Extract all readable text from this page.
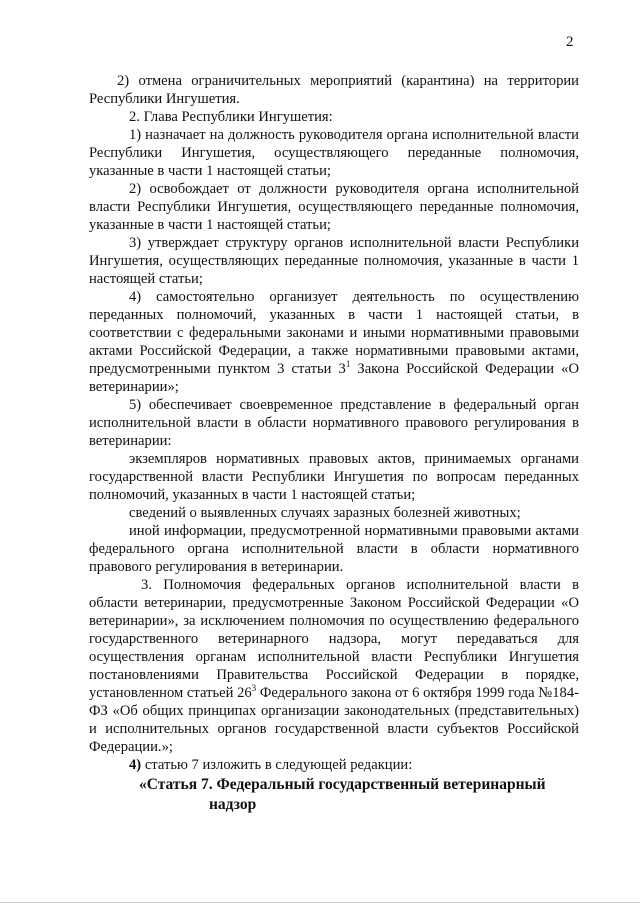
2

2) отмена ограничительных мероприятий (карантина) на территории Республики Ингушетия.

2. Глава Республики Ингушетия:

1) назначает на должность руководителя органа исполнительной власти Республики Ингушетия, осуществляющего переданные полномочия, указанные в части 1 настоящей статьи;

2) освобождает от должности руководителя органа исполнительной власти Республики Ингушетия, осуществляющего переданные полномочия, указанные в части 1 настоящей статьи;

3) утверждает структуру органов исполнительной власти Республики Ингушетия, осуществляющих переданные полномочия, указанные в части 1 настоящей статьи;

4) самостоятельно организует деятельность по осуществлению переданных полномочий, указанных в части 1 настоящей статьи, в соответствии с федеральными законами и иными нормативными правовыми актами Российской Федерации, а также нормативными правовыми актами, предусмотренными пунктом 3 статьи $3^1$ Закона Российской Федерации «О ветеринарии»;

5) обеспечивает своевременное представление в федеральный орган исполнительной власти в области нормативного правового регулирования в ветеринарии:

экземпляров нормативных правовых актов, принимаемых органами государственной власти Республики Ингушетия по вопросам переданных полномочий, указанных в части 1 настоящей статьи;

сведений о выявленных случаях заразных болезней животных;

иной информации, предусмотренной нормативными правовыми актами федерального органа исполнительной власти в области нормативного правового регулирования в ветеринарии.

3. Полномочия федеральных органов исполнительной власти в области ветеринарии, предусмотренные Законом Российской Федерации «О ветеринарии», за исключением полномочия по осуществлению федерального государственного ветеринарного надзора, могут передаваться для осуществления органам исполнительной власти Республики Ингушетия постановлениями Правительства Российской Федерации в порядке, установленном статьей $26^3$ Федерального закона от 6 октября 1999 года №184-ФЗ «Об общих принципах организации законодательных (представительных) и исполнительных органов государственной власти субъектов Российской Федерации.»;

4) статью 7 изложить в следующей редакции:

«Статья 7. Федеральный государственный ветеринарный
надзор
